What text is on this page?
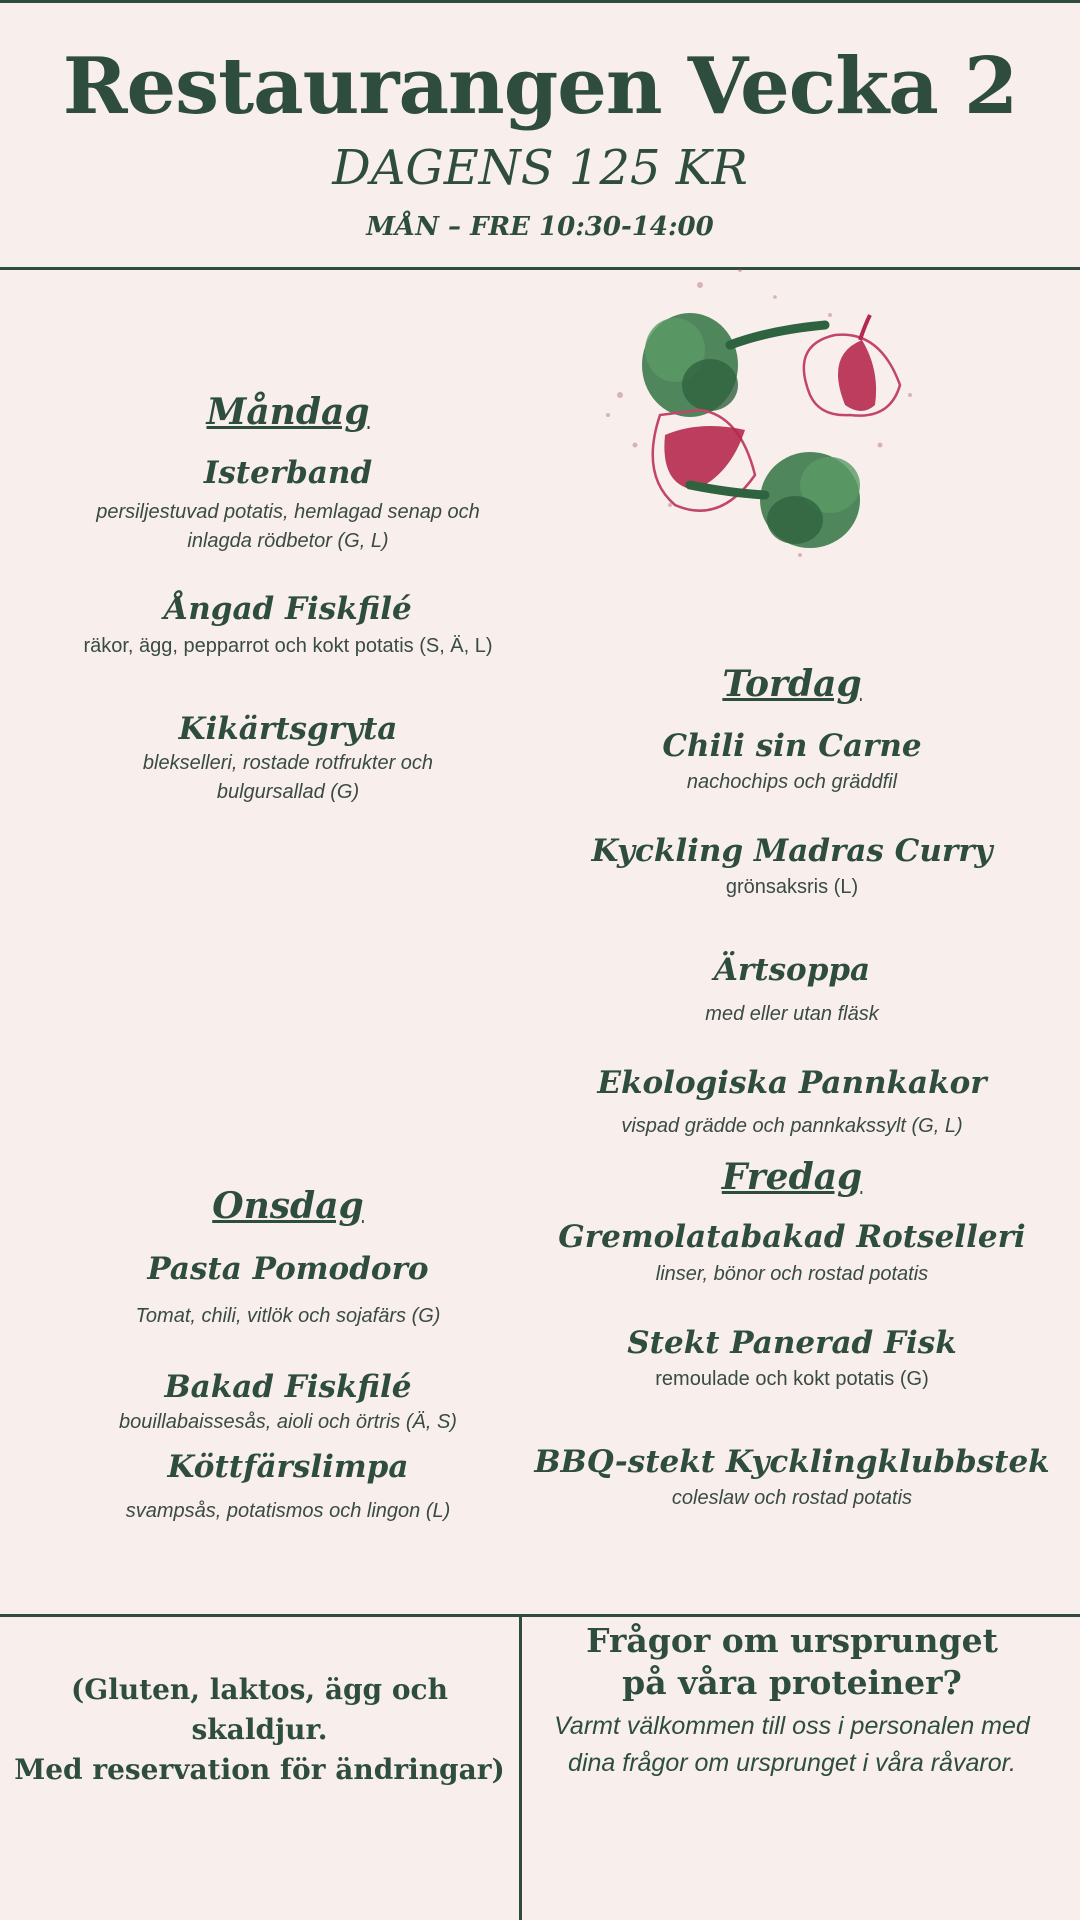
Restaurangen Vecka 2
DAGENS 125 KR
MÅN – FRE 10:30-14:00
Måndag
Isterband
persiljestuvad potatis, hemlagad senap och inlagda rödbetor (G, L)
Ångad Fiskfilé
räkor, ägg, pepparrot och kokt potatis (S, Ä, L)
Kikärtsgryta
blekselleri, rostade rotfrukter och bulgursallad (G)
Onsdag
Pasta Pomodoro
Tomat, chili, vitlök och sojafärs (G)
Bakad Fiskfilé
bouillabaissesås, aioli och örtris (Ä, S)
Köttfärslimpa
svampsås, potatismos och lingon (L)
Tordag
Chili sin Carne
nachochips och gräddfil
Kyckling Madras Curry
grönsaksris (L)
Ärtsoppa
med eller utan fläsk
Ekologiska Pannkakor
vispad grädde och pannkakssylt (G, L)
Fredag
Gremolatabakad Rotselleri
linser, bönor och rostad potatis
Stekt Panerad Fisk
remoulade och kokt potatis (G)
BBQ-stekt Kycklingklubbstek
coleslaw och rostad potatis
(Gluten, laktos, ägg och skaldjur.
Med reservation för ändringar)
Frågor om ursprunget
på våra proteiner?
Varmt välkommen till oss i personalen med
dina frågor om ursprunget i våra råvaror.
